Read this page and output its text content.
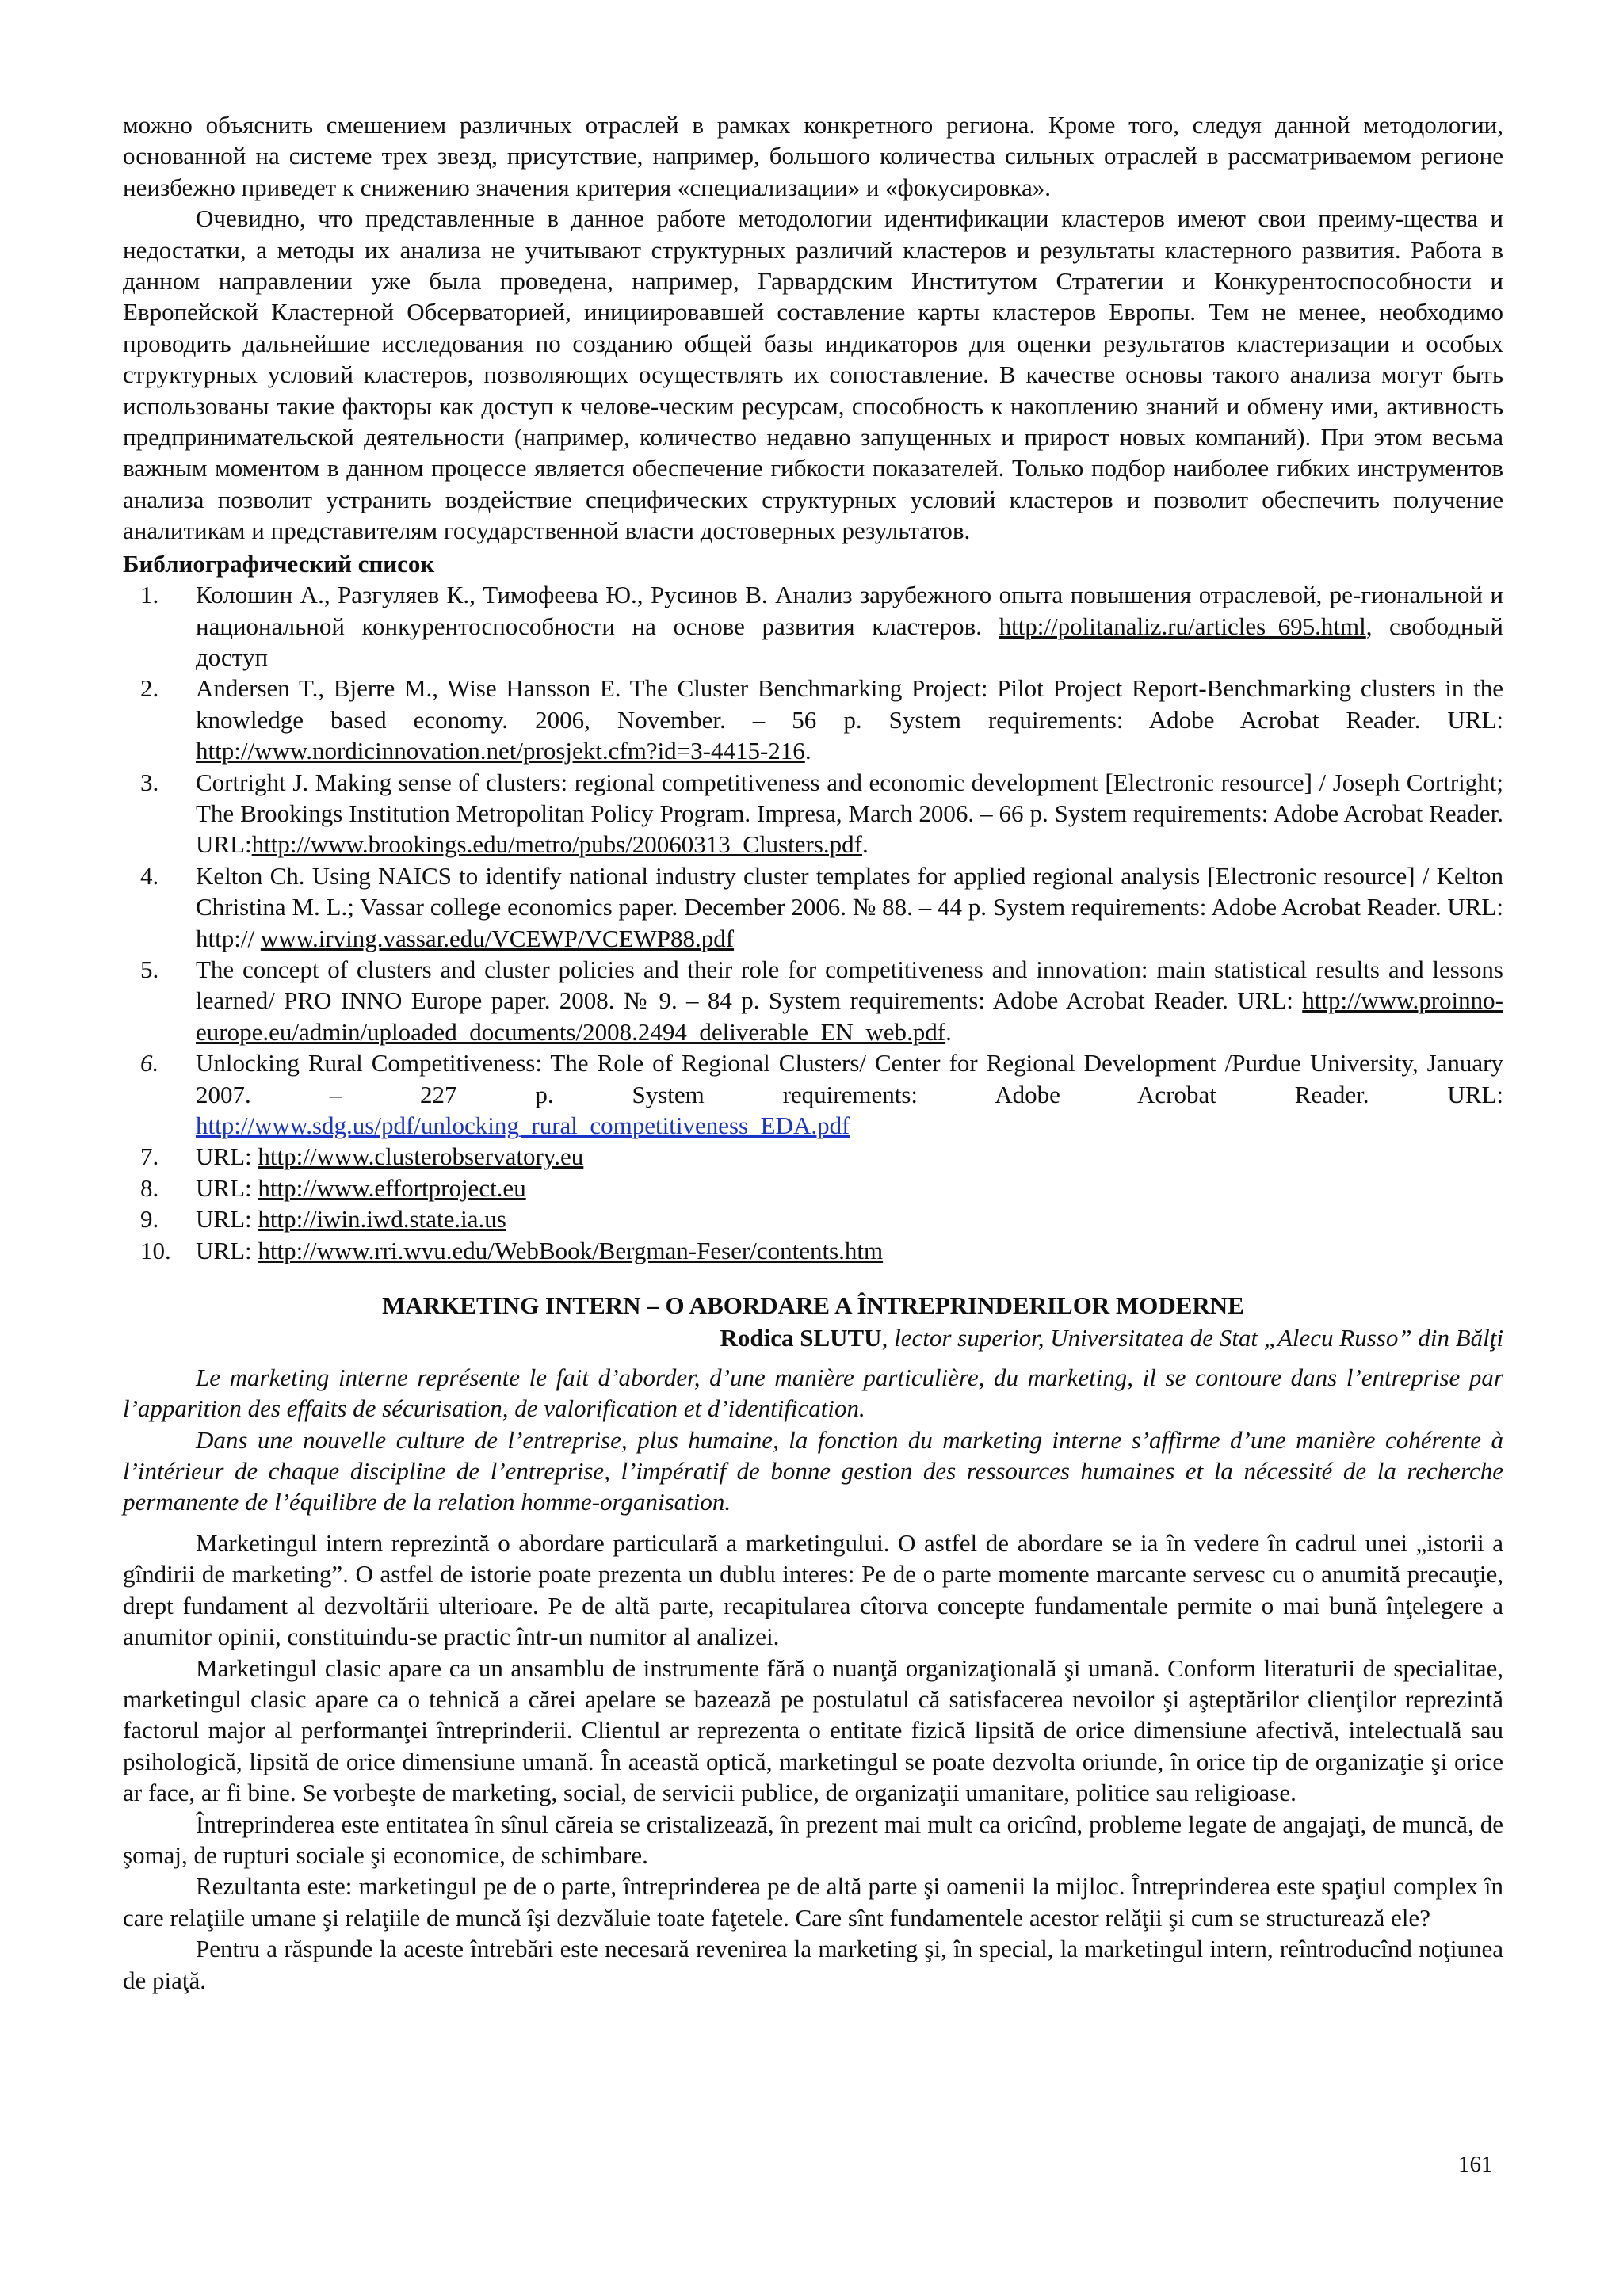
можно объяснить смешением различных отраслей в рамках конкретного региона. Кроме того, следуя данной методологии, основанной на системе трех звезд, присутствие, например, большого количества сильных отраслей в рассматриваемом регионе неизбежно приведет к снижению значения критерия «специализации» и «фокусировка».

Очевидно, что представленные в данное работе методологии идентификации кластеров имеют свои преиму-щества и недостатки, а методы их анализа не учитывают структурных различий кластеров и результаты кластерного развития. Работа в данном направлении уже была проведена, например, Гарвардским Институтом Стратегии и Конкурентоспособности и Европейской Кластерной Обсерваторией, инициировавшей составление карты кластеров Европы. Тем не менее, необходимо проводить дальнейшие исследования по созданию общей базы индикаторов для оценки результатов кластеризации и особых структурных условий кластеров, позволяющих осуществлять их сопоставление. В качестве основы такого анализа могут быть использованы такие факторы как доступ к челове-ческим ресурсам, способность к накоплению знаний и обмену ими, активность предпринимательской деятельности (например, количество недавно запущенных и прирост новых компаний). При этом весьма важным моментом в данном процессе является обеспечение гибкости показателей. Только подбор наиболее гибких инструментов анализа позволит устранить воздействие специфических структурных условий кластеров и позволит обеспечить получение аналитикам и представителям государственной власти достоверных результатов.

Библиографический список

1.	Колошин А., Разгуляев К., Тимофеева Ю., Русинов В. Анализ зарубежного опыта повышения отраслевой, ре-гиональной и национальной конкурентоспособности на основе развития кластеров. http://politanaliz.ru/articles_695.html, свободный доступ
2.	Andersen T., Bjerre M., Wise Hansson E. The Cluster Benchmarking Project: Pilot Project Report-Benchmarking clusters in the knowledge based economy. 2006, November. – 56 p. System requirements: Adobe Acrobat Reader. URL: http://www.nordicinnovation.net/prosjekt.cfm?id=3-4415-216.
3.	Cortright J. Making sense of clusters: regional competitiveness and economic development [Electronic resource] / Joseph Cortright; The Brookings Institution Metropolitan Policy Program. Impresa, March 2006. – 66 p. System requirements: Adobe Acrobat Reader. URL:http://www.brookings.edu/metro/pubs/20060313_Clusters.pdf.
4.	Kelton Ch. Using NAICS to identify national industry cluster templates for applied regional analysis [Electronic resource] / Kelton Christina M. L.; Vassar college economics paper. December 2006. № 88. – 44 p. System requirements: Adobe Acrobat Reader. URL: http:// www.irving.vassar.edu/VCEWP/VCEWP88.pdf
5.	The concept of clusters and cluster policies and their role for competitiveness and innovation: main statistical results and lessons learned/ PRO INNO Europe paper. 2008. № 9. – 84 p. System requirements: Adobe Acrobat Reader. URL: http://www.proinno-europe.eu/admin/uploaded_documents/2008.2494_deliverable_EN_web.pdf.
6.	Unlocking Rural Competitiveness: The Role of Regional Clusters/ Center for Regional Development /Purdue University, January 2007. – 227 p. System requirements: Adobe Acrobat Reader. URL: http://www.sdg.us/pdf/unlocking_rural_competitiveness_EDA.pdf
7.	URL: http://www.clusterobservatory.eu
8.	URL: http://www.effortproject.eu
9.	URL: http://iwin.iwd.state.ia.us
10.	URL: http://www.rri.wvu.edu/WebBook/Bergman-Feser/contents.htm

MARKETING INTERN – O ABORDARE A ÎNTREPRINDERILOR MODERNE

Rodica SLUTU, lector superior, Universitatea de Stat „Alecu Russo” din Bălţi

Le marketing interne représente le fait d’aborder, d’une manière particulière, du marketing, il se contoure dans l’entreprise par l’apparition des effaits de sécurisation, de valorification et d’identification.

Dans une nouvelle culture de l’entreprise, plus humaine, la fonction du marketing interne s’affirme d’une manière cohérente à l’intérieur de chaque discipline de l’entreprise, l’impératif de bonne gestion des ressources humaines et la nécessité de la recherche permanente de l’équilibre de la relation homme-organisation.

Marketingul intern reprezintă o abordare particulară a marketingului. O astfel de abordare se ia în vedere în cadrul unei „istorii a gîndirii de marketing”. O astfel de istorie poate prezenta un dublu interes: Pe de o parte momente marcante servesc cu o anumită precauţie, drept fundament al dezvoltării ulterioare. Pe de altă parte, recapitularea cîtorva concepte fundamentale permite o mai bună înţelegere a anumitor opinii, constituindu-se practic într-un numitor al analizei.

Marketingul clasic apare ca un ansamblu de instrumente fără o nuanţă organizaţională şi umană. Conform literaturii de specialitae, marketingul clasic apare ca o tehnică a cărei apelare se bazează pe postulatul că satisfacerea nevoilor şi aşteptărilor clienţilor reprezintă factorul major al performanţei întreprinderii. Clientul ar reprezenta o entitate fizică lipsită de orice dimensiune afectivă, intelectuală sau psihologică, lipsită de orice dimensiune umană. În această optică, marketingul se poate dezvolta oriunde, în orice tip de organizaţie şi orice ar face, ar fi bine. Se vorbeşte de marketing, social, de servicii publice, de organizaţii umanitare, politice sau religioase.

Întreprinderea este entitatea în sînul căreia se cristalizează, în prezent mai mult ca oricînd, probleme legate de angajaţi, de muncă, de şomaj, de rupturi sociale şi economice, de schimbare.

Rezultanta este: marketingul pe de o parte, întreprinderea pe de altă parte şi oamenii la mijloc. Întreprinderea este spaţiul complex în care relaţiile umane şi relaţiile de muncă îşi dezvăluie toate faţetele. Care sînt fundamentele acestor relăţii şi cum se structurează ele?

Pentru a răspunde la aceste întrebări este necesară revenirea la marketing şi, în special, la marketingul intern, reîntroducînd noţiunea de piaţă.

161
